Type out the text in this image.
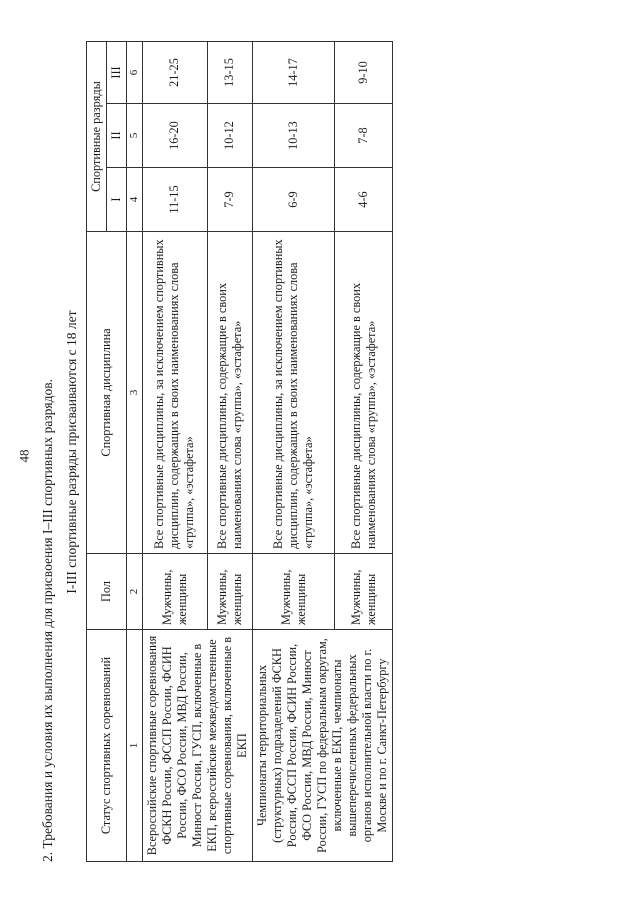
48 2. Требования и условия их выполнения для присвоения I–III спортивных разрядов. I-III спортивные разряды присваиваются с 18 лет
Статус спортивных соревнований	Пол	Спортивная дисциплина	Спортивные разряды		
			I	II	III
1	2	3	4	5	6
Всероссийские спортивные соревнования ФСКН России, ФССП России, ФСИН России, ФСО России, МВД России, Минюст России, ГУСП, включенные в ЕКП, всероссийские межведомственные спортивные соревнования, включенные в ЕКП	Мужчины, женщины	Все спортивные дисциплины, за исключением спортивных дисциплин, содержащих в своих наименованиях слова «группа», «эстафета»	11-15	16-20	21-25
	Мужчины, женщины	Все спортивные дисциплины, содержащие в своих наименованиях слова «группа», «эстафета»	7-9	10-12	13-15
Чемпионаты территориальных (структурных) подразделений ФСКН России, ФССП России, ФСИН России, ФСО России, МВД России, Минюст России, ГУСП по федеральным округам, включенные в ЕКП, чемпионаты вышеперечисленных федеральных органов исполнительной власти по г. Москве и по г. Санкт-Петербургу	Мужчины, женщины	Все спортивные дисциплины, за исключением спортивных дисциплин, содержащих в своих наименованиях слова «группа», «эстафета»	6-9	10-13	14-17
	Мужчины, женщины	Все спортивные дисциплины, содержащие в своих наименованиях слова «группа», «эстафета»	4-6	7-8	9-10
